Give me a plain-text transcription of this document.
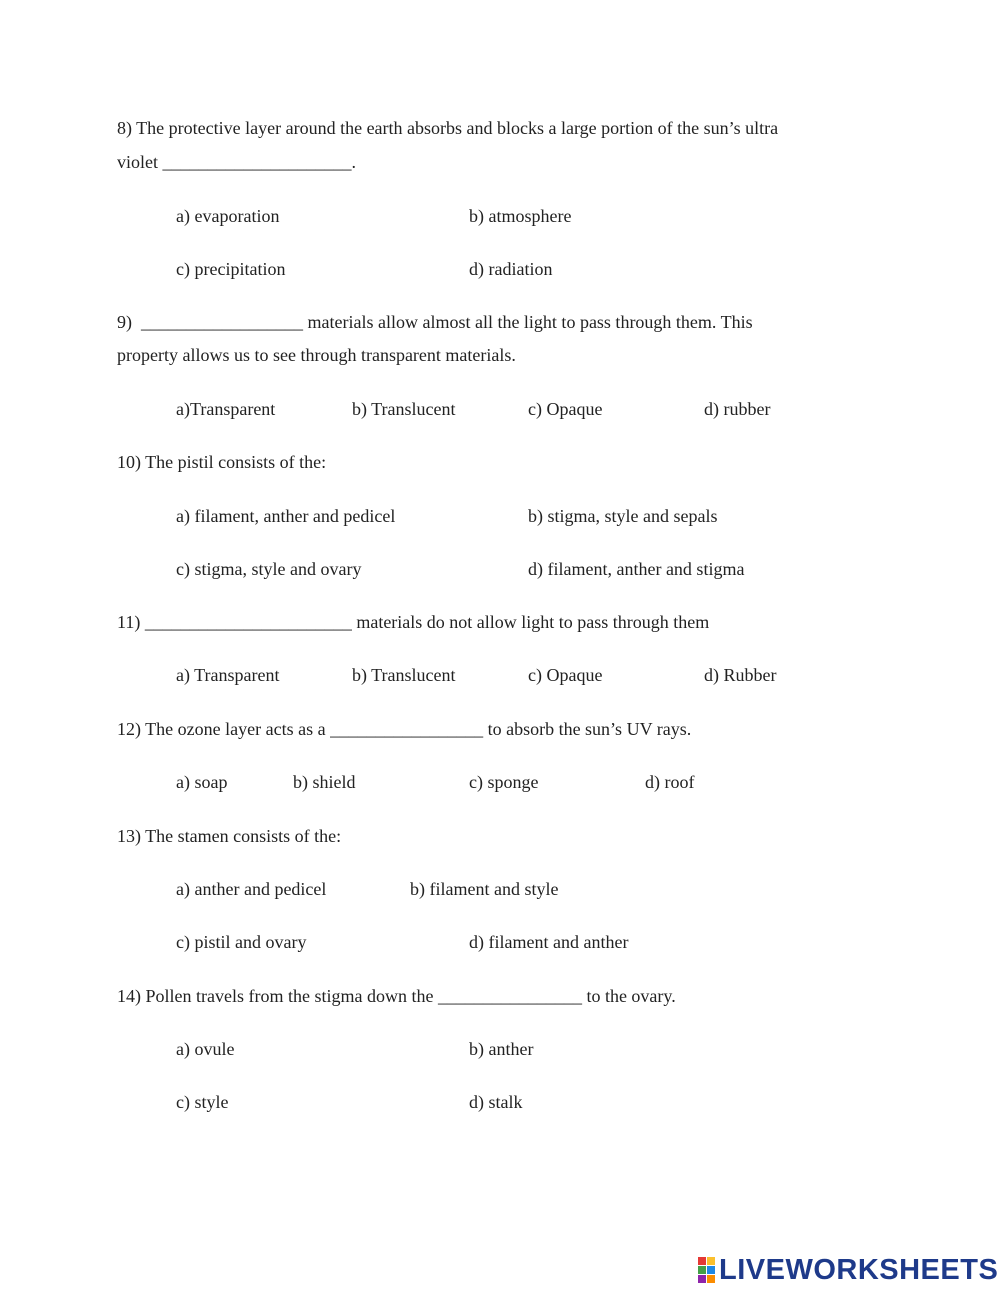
8) The protective layer around the earth absorbs and blocks a large portion of the sun’s ultra
violet _____________________.
a) evaporation	b) atmosphere
c) precipitation	d) radiation
9)  __________________ materials allow almost all the light to pass through them. This
property allows us to see through transparent materials.
a)Transparent	b) Translucent	c) Opaque	d) rubber
10) The pistil consists of the:
a) filament, anther and pedicel	b) stigma, style and sepals
c) stigma, style and ovary	d) filament, anther and stigma
11) _______________________ materials do not allow light to pass through them
a) Transparent	b) Translucent	c) Opaque	d) Rubber
12) The ozone layer acts as a _________________ to absorb the sun’s UV rays.
a) soap	b) shield	c) sponge	d) roof
13) The stamen consists of the:
a) anther and pedicel	b) filament and style
c) pistil and ovary	d) filament and anther
14) Pollen travels from the stigma down the ________________ to the ovary.
a) ovule	b) anther
c) style	d) stalk
LIVEWORKSHEETS
